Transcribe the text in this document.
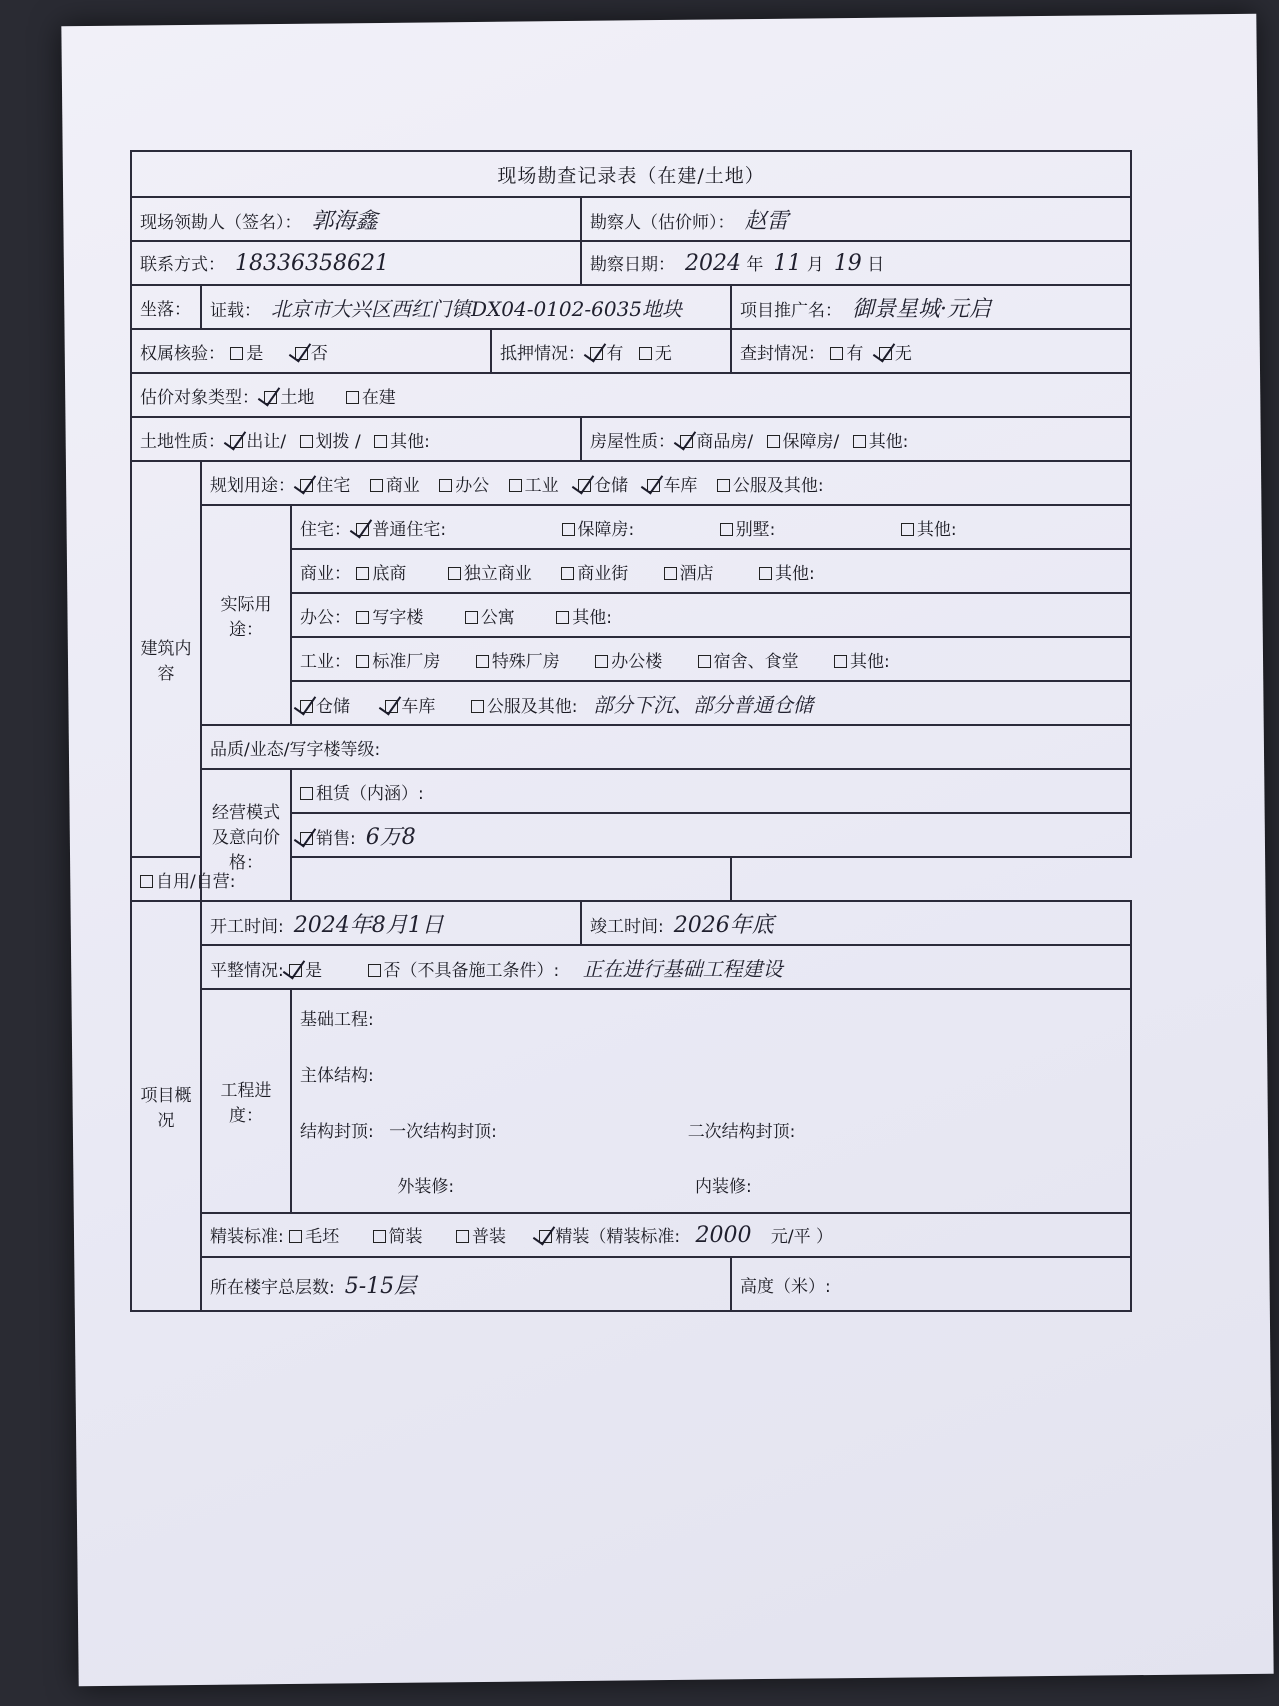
现场勘查记录表（在建/土地）					
现场领勘人（签名）： 郭海鑫				勘察人（估价师）： 赵雷	
联系方式： 18336358621				勘察日期： 2024 年 11 月 19 日	
坐落：	证载： 北京市大兴区西红门镇DX04-0102-6035地块				项目推广名： 御景星城·元启
权属核验： 是 否			抵押情况： 有 无		查封情况： 有 无
估价对象类型： 土地 在建					
土地性质： 出让/ 划拨 / 其他:				房屋性质： 商品房/ 保障房/ 其他:	
建筑内容	规划用途： 住宅 商业 办公 工业 仓储 车库 公服及其他:				
	实际用途：	住宅： 普通住宅: 保障房: 别墅: 其他:			
		商业： 底商 独立商业 商业街 酒店 其他:			
		办公： 写字楼 公寓 其他:			
		工业： 标准厂房 特殊厂房 办公楼 宿舍、食堂 其他:			
		仓储 车库 公服及其他: 部分下沉、部分普通仓储			
	品质/业态/写字楼等级:				
	经营模式及意向价格：	租赁（内涵）:			
		销售: 6万8			
自用/自营:					
项目概况	开工时间: 2024年8月1日			竣工时间: 2026年底	
	平整情况: 是 否（不具备施工条件）: 正在进行基础工程建设				
	工程进度：	基础工程:			
		主体结构:			
		结构封顶: 一次结构封顶: 二次结构封顶:			
		外装修: 内装修:			
	精装标准: 毛坯 简装 普装 精装（精装标准: 2000 元/平 ）				
	所在楼宇总层数: 5-15层				高度（米）:
